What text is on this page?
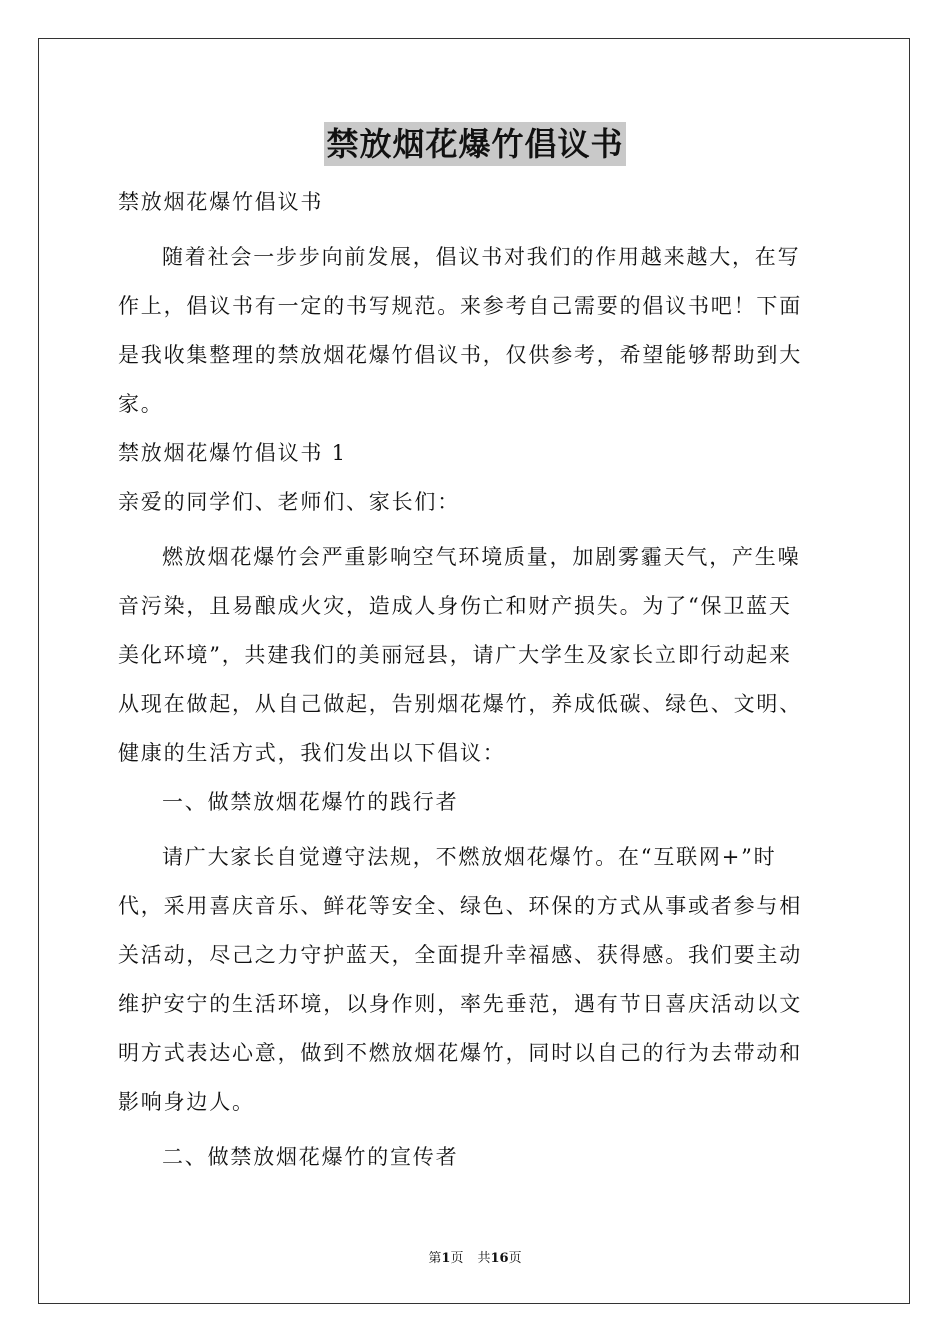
禁放烟花爆竹倡议书
禁放烟花爆竹倡议书
随着社会一步步向前发展，倡议书对我们的作用越来越大，在写
作上，倡议书有一定的书写规范。来参考自己需要的倡议书吧！下面
是我收集整理的禁放烟花爆竹倡议书，仅供参考，希望能够帮助到大
家。
禁放烟花爆竹倡议书 1
亲爱的同学们、老师们、家长们：
燃放烟花爆竹会严重影响空气环境质量，加剧雾霾天气，产生噪
音污染，且易酿成火灾，造成人身伤亡和财产损失。为了“保卫蓝天
美化环境”，共建我们的美丽冠县，请广大学生及家长立即行动起来
从现在做起，从自己做起，告别烟花爆竹，养成低碳、绿色、文明、
健康的生活方式，我们发出以下倡议：
一、做禁放烟花爆竹的践行者
请广大家长自觉遵守法规，不燃放烟花爆竹。在“互联网+”时
代，采用喜庆音乐、鲜花等安全、绿色、环保的方式从事或者参与相
关活动，尽己之力守护蓝天，全面提升幸福感、获得感。我们要主动
维护安宁的生活环境，以身作则，率先垂范，遇有节日喜庆活动以文
明方式表达心意，做到不燃放烟花爆竹，同时以自己的行为去带动和
影响身边人。
二、做禁放烟花爆竹的宣传者
第1页 共16页
